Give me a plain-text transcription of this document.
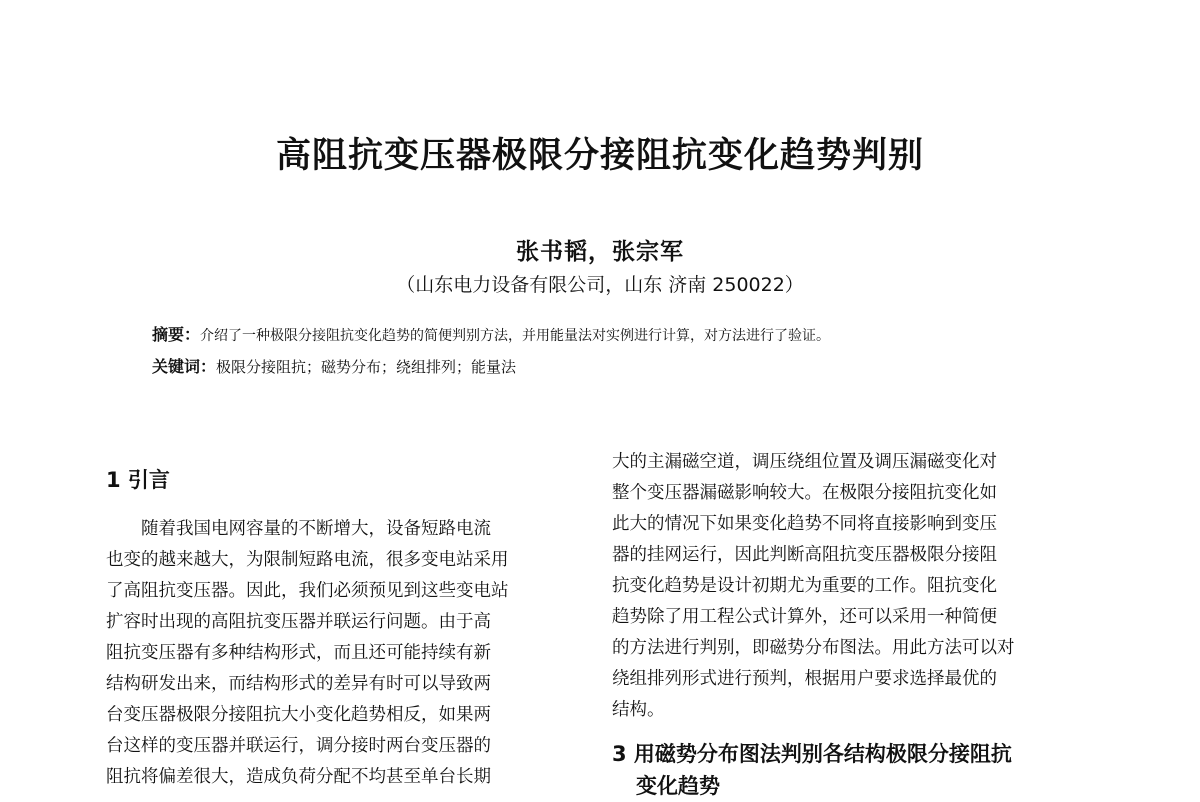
高阻抗变压器极限分接阻抗变化趋势判别
张书韬，张宗军
（山东电力设备有限公司，山东 济南 250022）
摘要：介绍了一种极限分接阻抗变化趋势的简便判别方法，并用能量法对实例进行计算，对方法进行了验证。
关键词：极限分接阻抗；磁势分布；绕组排列；能量法
1 引言
随着我国电网容量的不断增大，设备短路电流
也变的越来越大，为限制短路电流，很多变电站采用
了高阻抗变压器。因此，我们必须预见到这些变电站
扩容时出现的高阻抗变压器并联运行问题。由于高
阻抗变压器有多种结构形式，而且还可能持续有新
结构研发出来，而结构形式的差异有时可以导致两
台变压器极限分接阻抗大小变化趋势相反，如果两
台这样的变压器并联运行，调分接时两台变压器的
阻抗将偏差很大，造成负荷分配不均甚至单台长期
大的主漏磁空道，调压绕组位置及调压漏磁变化对
整个变压器漏磁影响较大。在极限分接阻抗变化如
此大的情况下如果变化趋势不同将直接影响到变压
器的挂网运行，因此判断高阻抗变压器极限分接阻
抗变化趋势是设计初期尤为重要的工作。阻抗变化
趋势除了用工程公式计算外，还可以采用一种简便
的方法进行判别，即磁势分布图法。用此方法可以对
绕组排列形式进行预判，根据用户要求选择最优的
结构。
3 用磁势分布图法判别各结构极限分接阻抗
变化趋势
